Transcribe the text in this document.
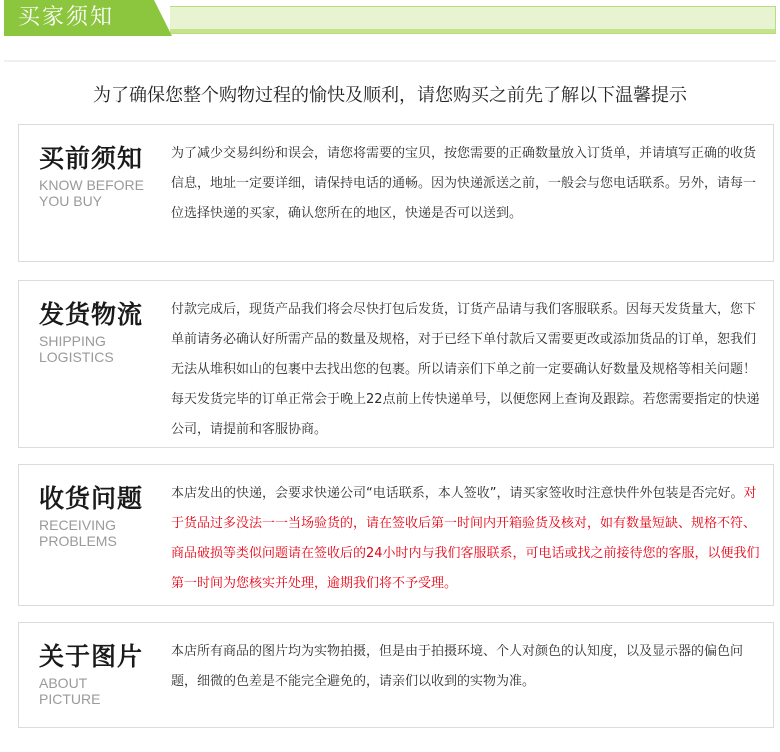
买家须知
为了确保您整个购物过程的愉快及顺利，请您购买之前先了解以下温馨提示
买前须知
KNOW BEFORE
YOU BUY
为了减少交易纠纷和误会，请您将需要的宝贝，按您需要的正确数量放入订货单，并请填写正确的收货信息，地址一定要详细，请保持电话的通畅。因为快递派送之前，一般会与您电话联系。另外，请每一位选择快递的买家，确认您所在的地区，快递是否可以送到。
发货物流
SHIPPING
LOGISTICS
付款完成后，现货产品我们将会尽快打包后发货，订货产品请与我们客服联系。因每天发货量大，您下单前请务必确认好所需产品的数量及规格，对于已经下单付款后又需要更改或添加货品的订单，恕我们无法从堆积如山的包裹中去找出您的包裹。所以请亲们下单之前一定要确认好数量及规格等相关问题！每天发货完毕的订单正常会于晚上22点前上传快递单号，以便您网上查询及跟踪。若您需要指定的快递公司，请提前和客服协商。
收货问题
RECEIVING
PROBLEMS
本店发出的快递，会要求快递公司“电话联系，本人签收”，请买家签收时注意快件外包装是否完好。对于货品过多没法一一当场验货的，请在签收后第一时间内开箱验货及核对，如有数量短缺、规格不符、商品破损等类似问题请在签收后的24小时内与我们客服联系，可电话或找之前接待您的客服，以便我们第一时间为您核实并处理，逾期我们将不予受理。
关于图片
ABOUT
PICTURE
本店所有商品的图片均为实物拍摄，但是由于拍摄环境、个人对颜色的认知度，以及显示器的偏色问题，细微的色差是不能完全避免的，请亲们以收到的实物为准。
